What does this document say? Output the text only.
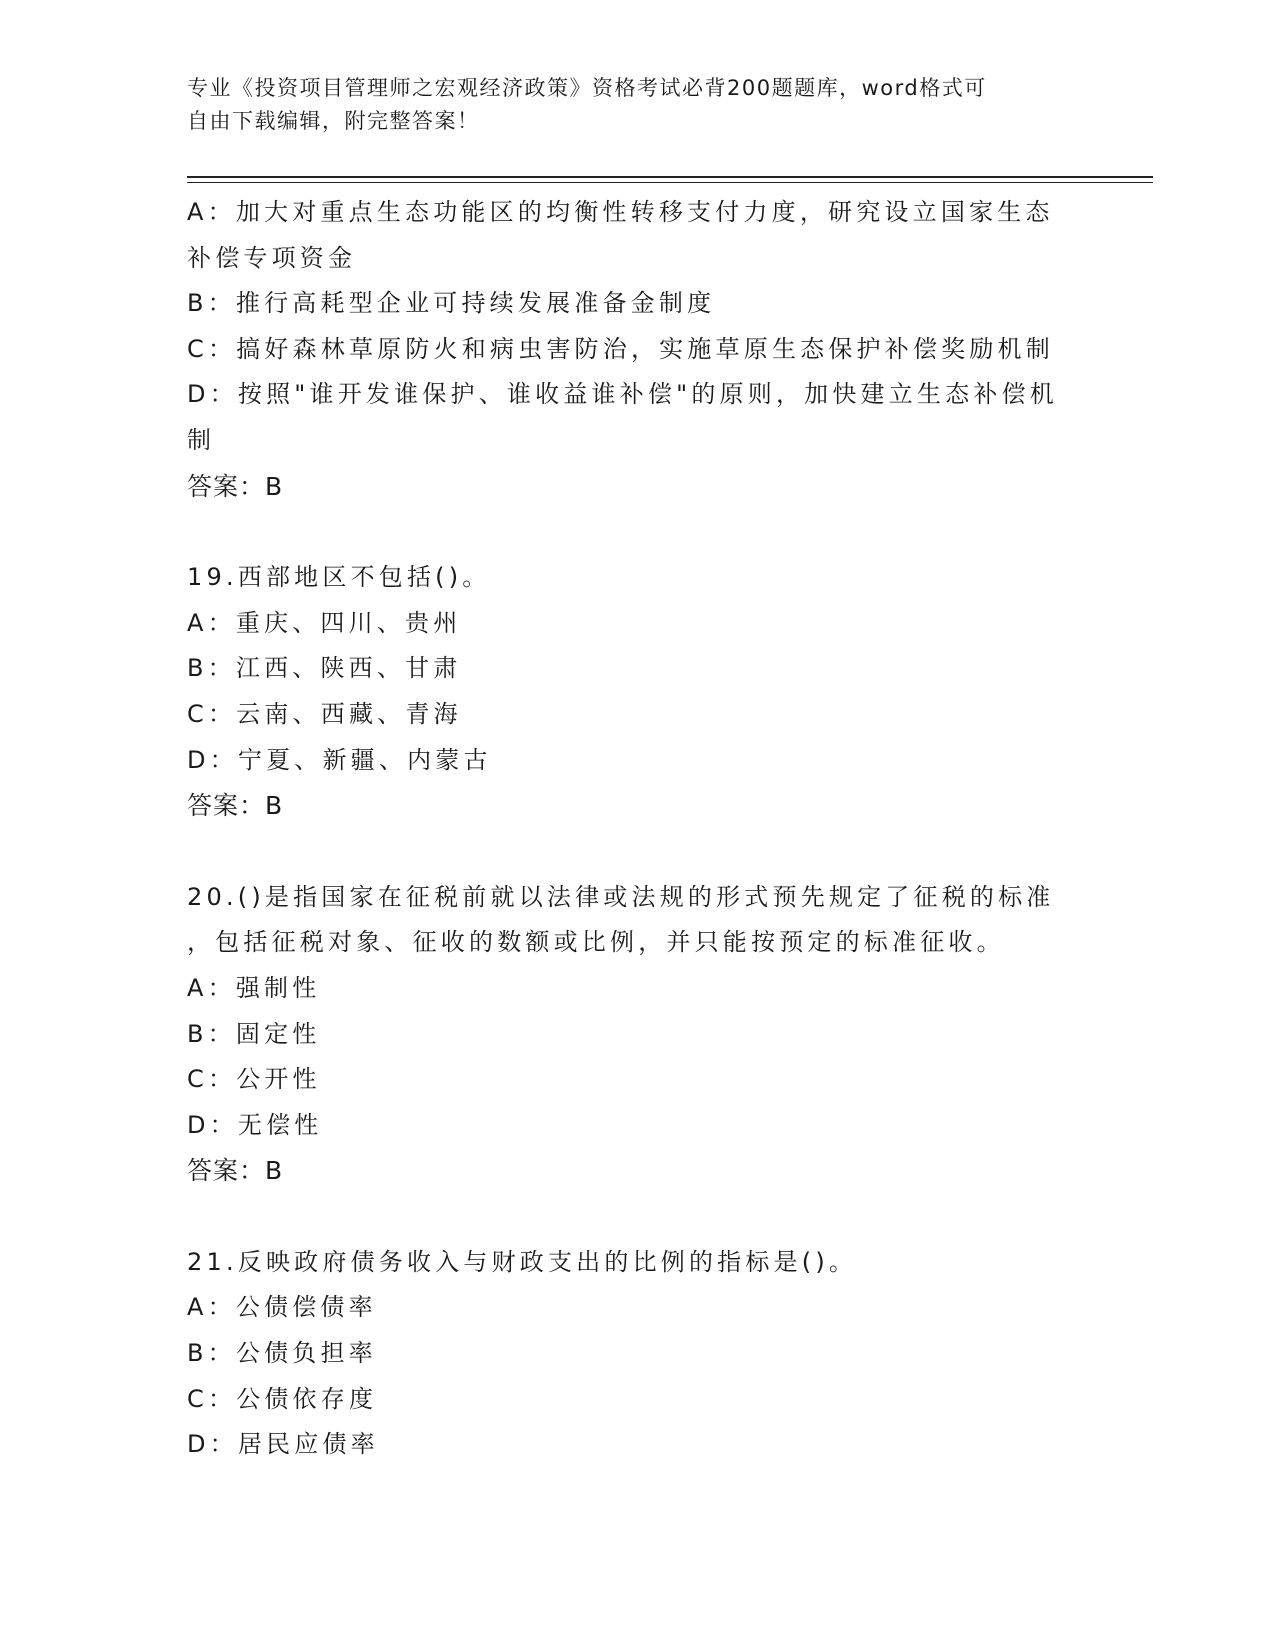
专业《投资项目管理师之宏观经济政策》资格考试必背200题题库，word格式可
自由下载编辑，附完整答案！

A：加大对重点生态功能区的均衡性转移支付力度，研究设立国家生态

补偿专项资金

B：推行高耗型企业可持续发展准备金制度

C：搞好森林草原防火和病虫害防治，实施草原生态保护补偿奖励机制

D：按照"谁开发谁保护、谁收益谁补偿"的原则，加快建立生态补偿机

制

答案：B

19.西部地区不包括()。

A：重庆、四川、贵州

B：江西、陕西、甘肃

C：云南、西藏、青海

D：宁夏、新疆、内蒙古

答案：B

20.()是指国家在征税前就以法律或法规的形式预先规定了征税的标准

，包括征税对象、征收的数额或比例，并只能按预定的标准征收。

A：强制性

B：固定性

C：公开性

D：无偿性

答案：B

21.反映政府债务收入与财政支出的比例的指标是()。

A：公债偿债率

B：公债负担率

C：公债依存度

D：居民应债率
